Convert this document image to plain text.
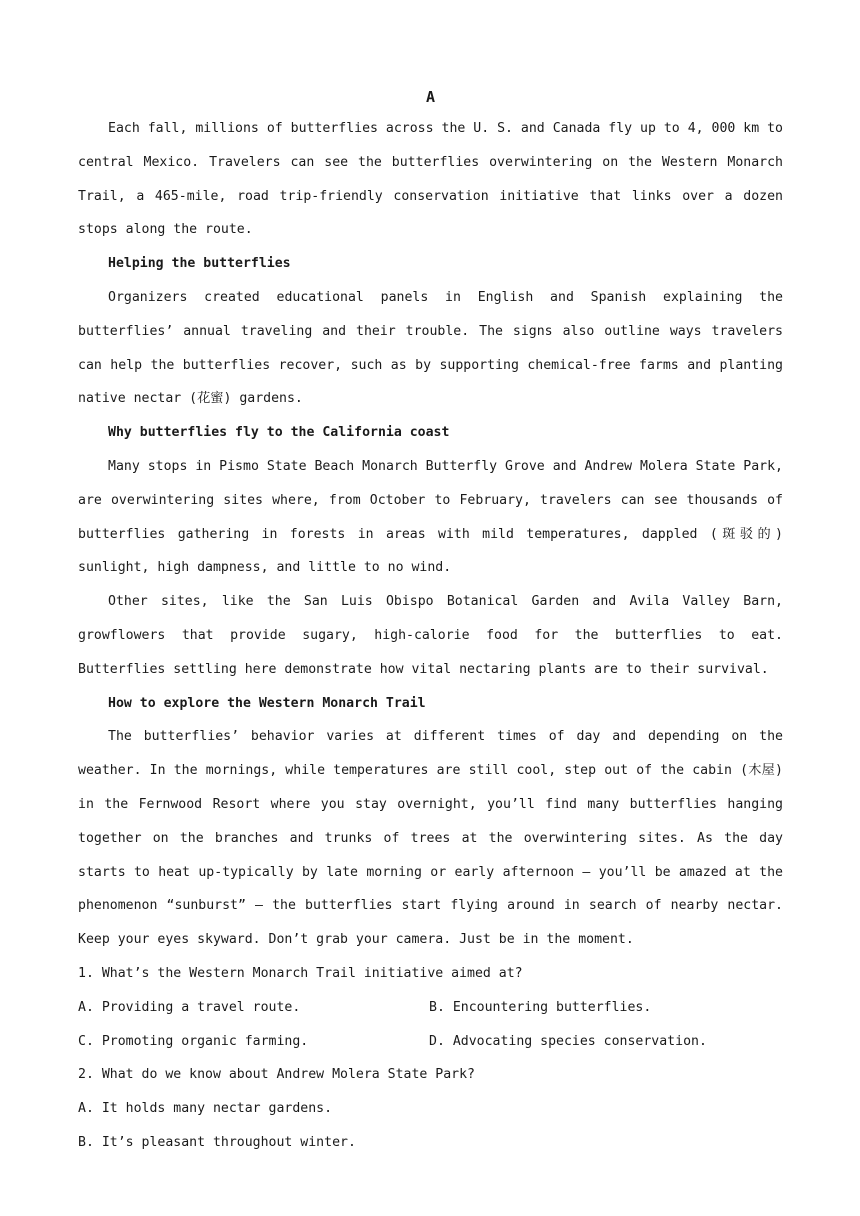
A

Each fall, millions of butterflies across the U. S. and Canada fly up to 4, 000 km to central Mexico. Travelers can see the butterflies overwintering on the Western Monarch Trail, a 465-mile, road trip-friendly conservation initiative that links over a dozen stops along the route.

Helping the butterflies

Organizers created educational panels in English and Spanish explaining the butterflies’ annual traveling and their trouble. The signs also outline ways travelers can help the butterflies recover, such as by supporting chemical-free farms and planting native nectar (花蜜) gardens.

Why butterflies fly to the California coast

Many stops in Pismo State Beach Monarch Butterfly Grove and Andrew Molera State Park, are overwintering sites where, from October to February, travelers can see thousands of butterflies gathering in forests in areas with mild temperatures, dappled (斑驳的) sunlight, high dampness, and little to no wind.

Other sites, like the San Luis Obispo Botanical Garden and Avila Valley Barn, growflowers that provide sugary, high-calorie food for the butterflies to eat. Butterflies settling here demonstrate how vital nectaring plants are to their survival.

How to explore the Western Monarch Trail

The butterflies’ behavior varies at different times of day and depending on the weather. In the mornings, while temperatures are still cool, step out of the cabin (木屋) in the Fernwood Resort where you stay overnight, you’ll find many butterflies hanging together on the branches and trunks of trees at the overwintering sites. As the day starts to heat up-typically by late morning or early afternoon — you’ll be amazed at the phenomenon “sunburst” — the butterflies start flying around in search of nearby nectar. Keep your eyes skyward. Don’t grab your camera. Just be in the moment.

1. What’s the Western Monarch Trail initiative aimed at?
A. Providing a travel route.	B. Encountering butterflies.
C. Promoting organic farming.	D. Advocating species conservation.
2. What do we know about Andrew Molera State Park?
A. It holds many nectar gardens.
B. It’s pleasant throughout winter.
